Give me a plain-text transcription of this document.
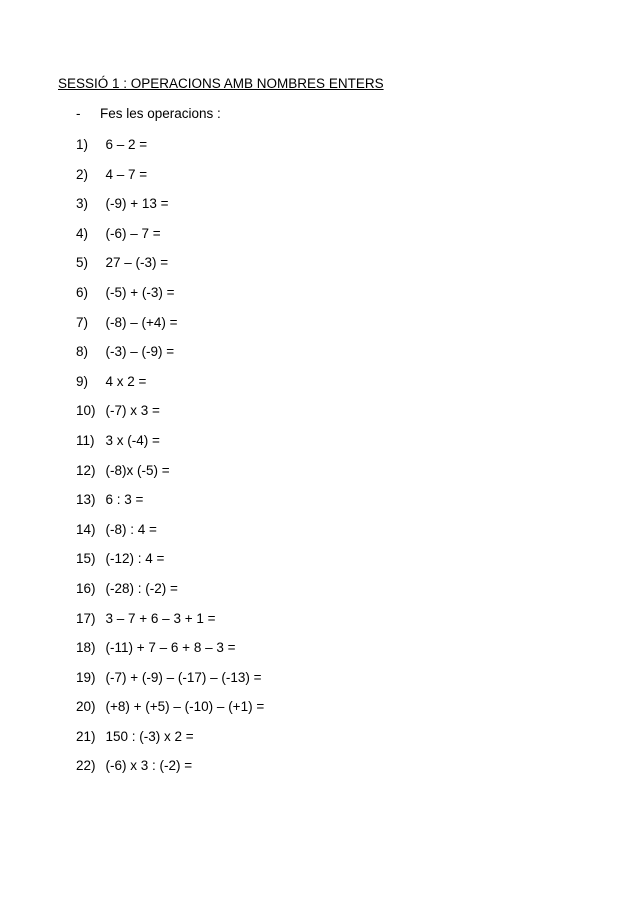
SESSIÓ 1 : OPERACIONS AMB NOMBRES ENTERS
- Fes les operacions :
1) 6 – 2 =
2) 4 – 7 =
3) (-9) + 13 =
4) (-6) – 7 =
5) 27 – (-3) =
6) (-5) + (-3) =
7) (-8) – (+4) =
8) (-3) – (-9) =
9) 4 x 2 =
10) (-7) x 3 =
11) 3 x (-4) =
12) (-8)x (-5) =
13) 6 : 3 =
14) (-8) : 4 =
15) (-12) : 4 =
16) (-28) : (-2) =
17) 3 – 7 + 6 – 3 + 1 =
18) (-11) + 7 – 6 + 8 – 3 =
19) (-7) + (-9) – (-17) – (-13) =
20) (+8) + (+5) – (-10) – (+1) =
21) 150 : (-3) x 2 =
22) (-6) x 3 : (-2) =
